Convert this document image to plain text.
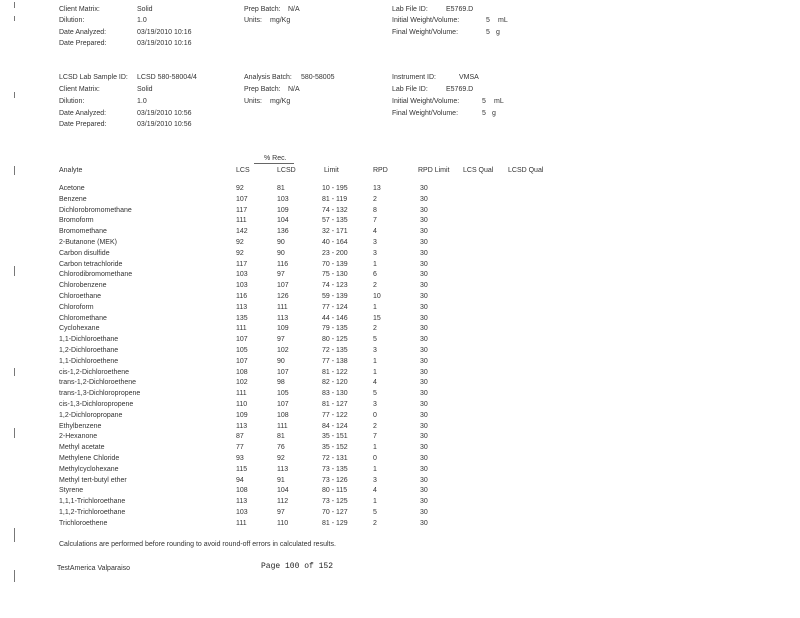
Client Matrix:	Solid	Prep Batch: N/A	Lab File ID:	E5769.D
Dilution:	1.0	Units: mg/Kg	Initial Weight/Volume:	5 mL
Date Analyzed:	03/19/2010 10:16	Final Weight/Volume:	5 g
Date Prepared:	03/19/2010 10:16
LCSD Lab Sample ID: LCSD 580-58004/4	Analysis Batch: 580-58005	Instrument ID:	VMSA
Client Matrix:	Solid	Prep Batch: N/A	Lab File ID:	E5769.D
Dilution:	1.0	Units: mg/Kg	Initial Weight/Volume:	5 mL
Date Analyzed:	03/19/2010 10:56	Final Weight/Volume:	5 g
Date Prepared:	03/19/2010 10:56
% Rec.
Analyte	LCS	LCSD	Limit	RPD	RPD Limit LCS Qual LCSD Qual
Acetone	92	81	10 - 195	13	30
Benzene	107	103	81 - 119	2	30
Dichlorobromomethane	117	109	74 - 132	8	30
Bromoform	111	104	57 - 135	7	30
Bromomethane	142	136	32 - 171	4	30
2-Butanone (MEK)	92	90	40 - 164	3	30
Carbon disulfide	92	90	23 - 200	3	30
Carbon tetrachloride	117	116	70 - 139	1	30
Chlorodibromomethane	103	97	75 - 130	6	30
Chlorobenzene	103	107	74 - 123	2	30
Chloroethane	116	126	59 - 139	10	30
Chloroform	113	111	77 - 124	1	30
Chloromethane	135	113	44 - 146	15	30
Cyclohexane	111	109	79 - 135	2	30
1,1-Dichloroethane	107	97	80 - 125	5	30
1,2-Dichloroethane	105	102	72 - 135	3	30
1,1-Dichloroethene	107	90	77 - 138	1	30
cis-1,2-Dichloroethene	108	107	81 - 122	1	30
trans-1,2-Dichloroethene	102	98	82 - 120	4	30
trans-1,3-Dichloropropene	111	105	83 - 130	5	30
cis-1,3-Dichloropropene	110	107	81 - 127	3	30
1,2-Dichloropropane	109	108	77 - 122	0	30
Ethylbenzene	113	111	84 - 124	2	30
2-Hexanone	87	81	35 - 151	7	30
Methyl acetate	77	76	35 - 152	1	30
Methylene Chloride	93	92	72 - 131	0	30
Methylcyclohexane	115	113	73 - 135	1	30
Methyl tert-butyl ether	94	91	73 - 126	3	30
Styrene	108	104	80 - 115	4	30
1,1,1-Trichloroethane	113	112	73 - 125	1	30
1,1,2-Trichloroethane	103	97	70 - 127	5	30
Trichloroethene	111	110	81 - 129	2	30
Calculations are performed before rounding to avoid round-off errors in calculated results.
TestAmerica Valparaiso	Page 100 of 152
